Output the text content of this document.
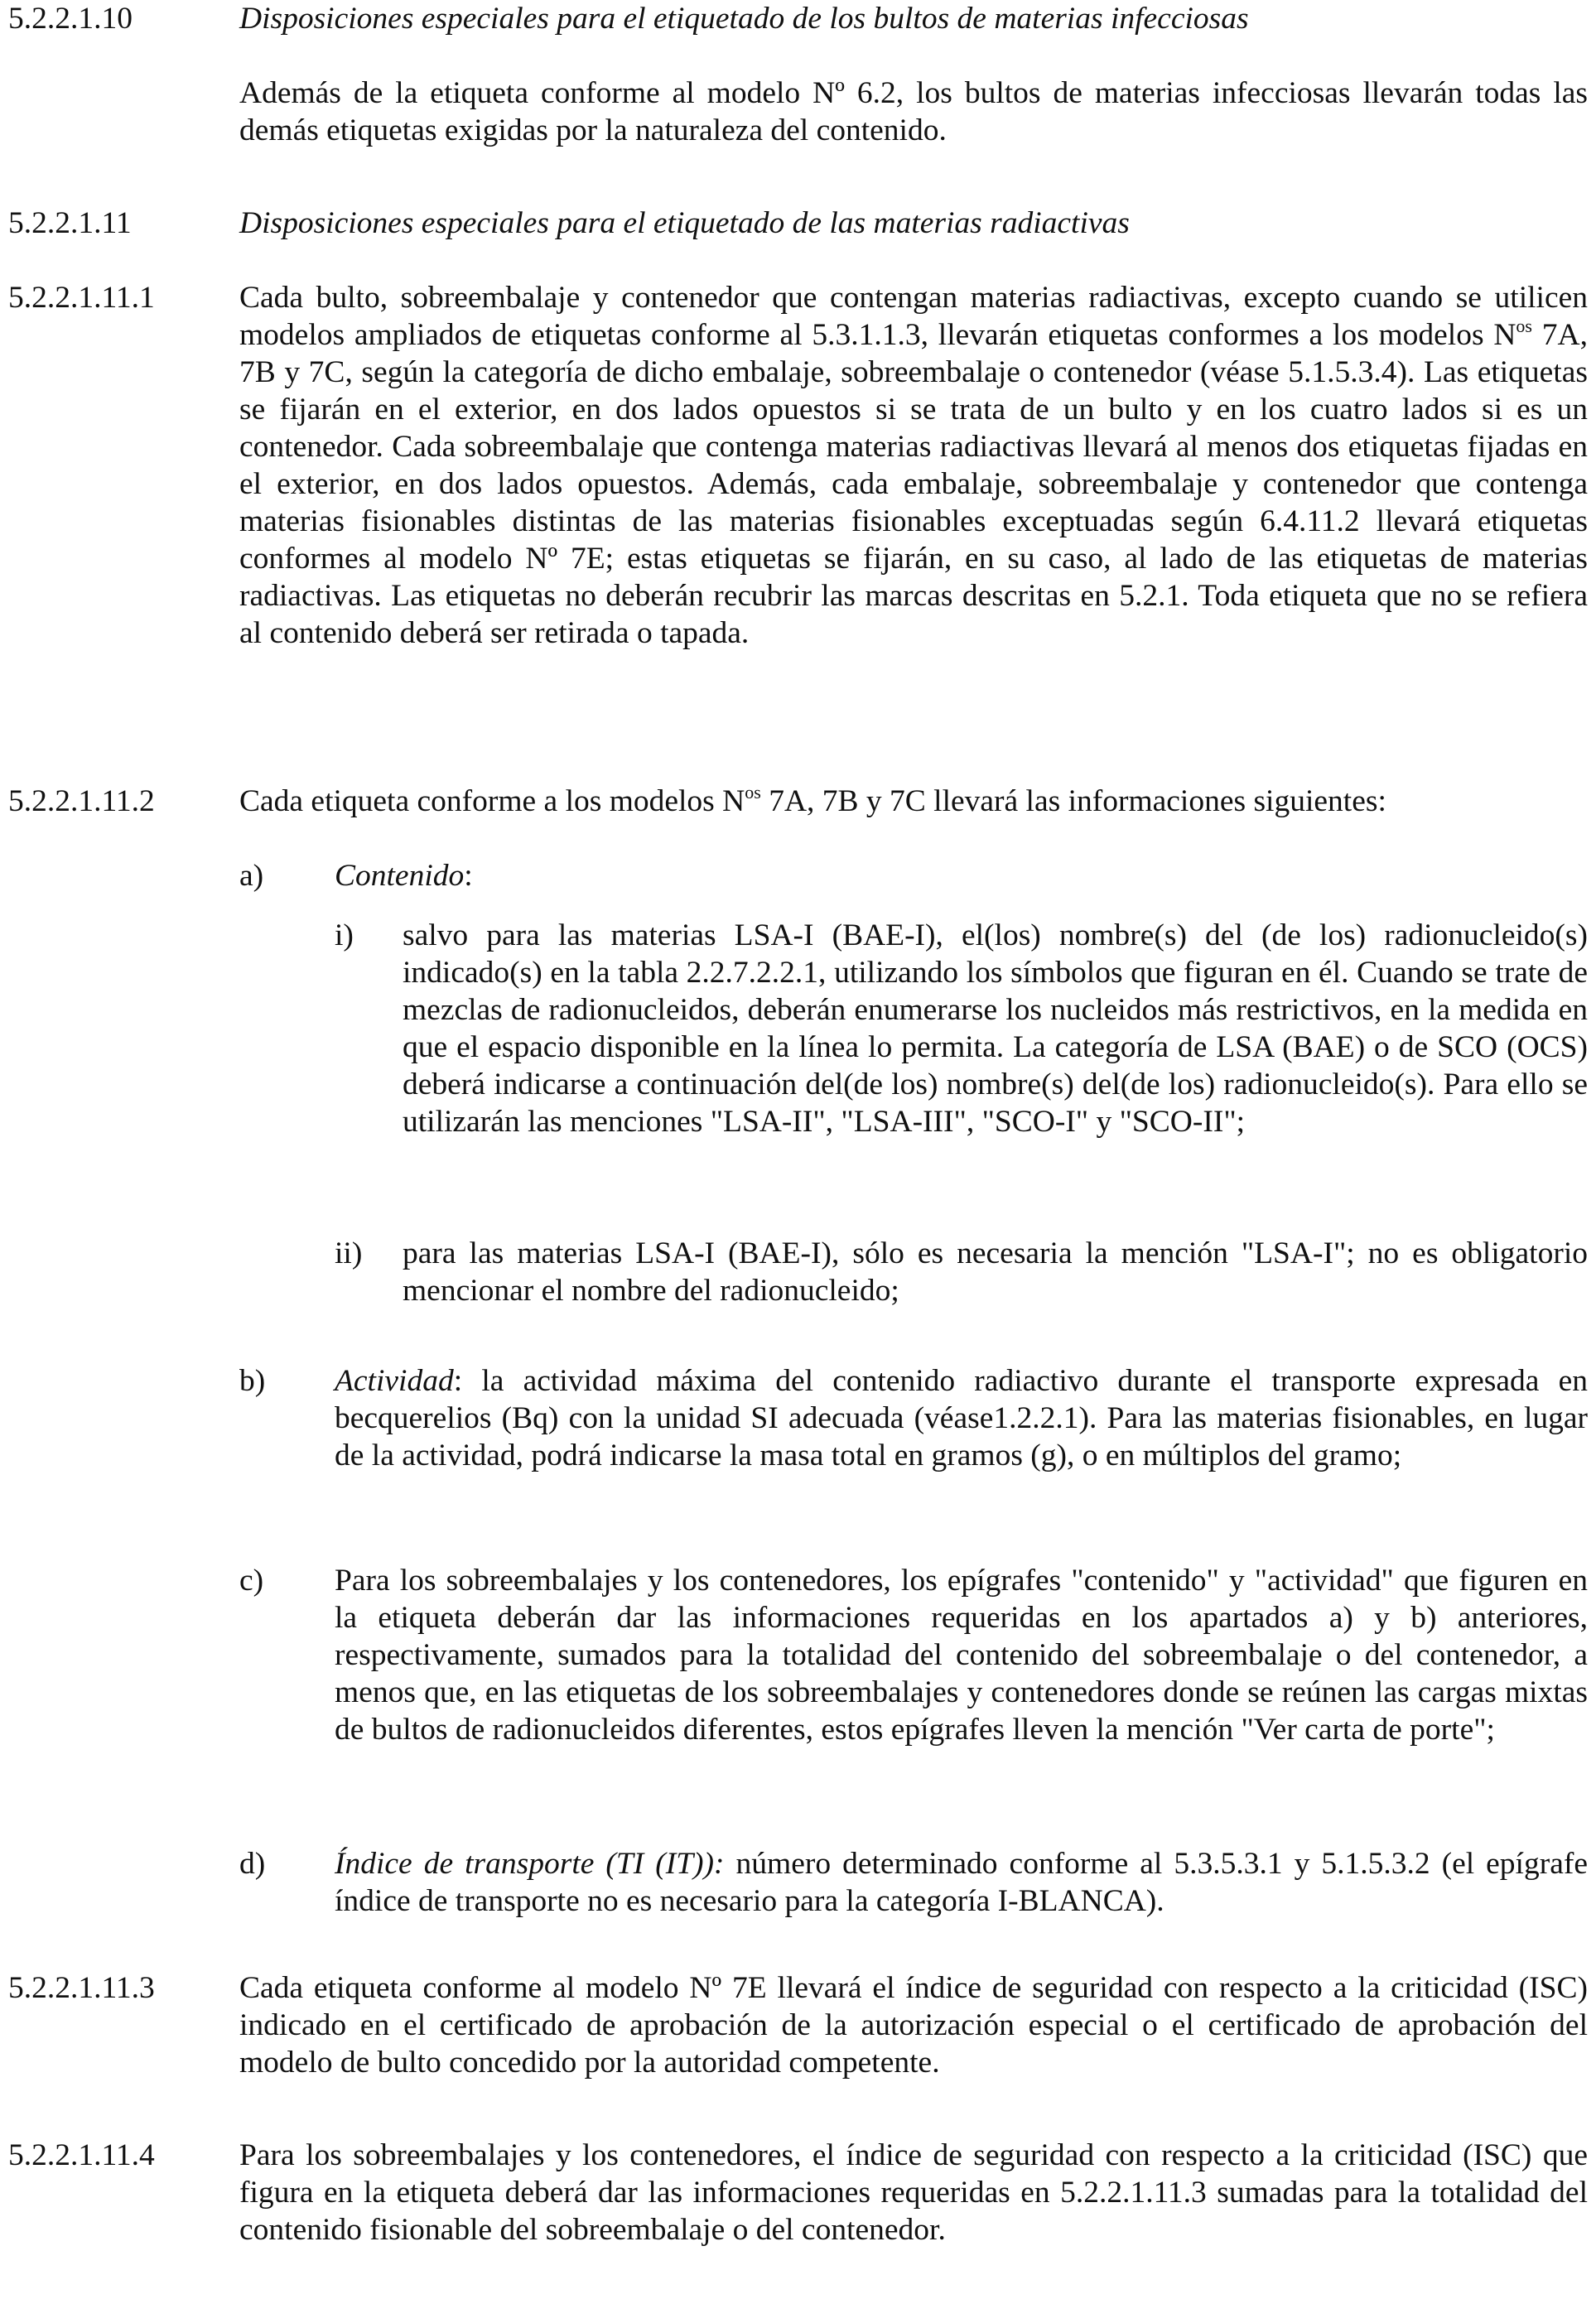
5.2.2.1.10	Disposiciones especiales para el etiquetado de los bultos de materias infecciosas
Además de la etiqueta conforme al modelo Nº 6.2, los bultos de materias infecciosas llevarán todas las demás etiquetas exigidas por la naturaleza del contenido.
5.2.2.1.11	Disposiciones especiales para el etiquetado de las materias radiactivas
5.2.2.1.11.1	Cada bulto, sobreembalaje y contenedor que contengan materias radiactivas, excepto cuando se utilicen modelos ampliados de etiquetas conforme al 5.3.1.1.3, llevarán etiquetas conformes a los modelos $N^{os}$ 7A, 7B y 7C, según la categoría de dicho embalaje, sobreembalaje o contenedor (véase 5.1.5.3.4). Las etiquetas se fijarán en el exterior, en dos lados opuestos si se trata de un bulto y en los cuatro lados si es un contenedor. Cada sobreembalaje que contenga materias radiactivas llevará al menos dos etiquetas fijadas en el exterior, en dos lados opuestos. Además, cada embalaje, sobreembalaje y contenedor que contenga materias fisionables distintas de las materias fisionables exceptuadas según 6.4.11.2 llevará etiquetas conformes al modelo Nº 7E; estas etiquetas se fijarán, en su caso, al lado de las etiquetas de materias radiactivas. Las etiquetas no deberán recubrir las marcas descritas en 5.2.1. Toda etiqueta que no se refiera al contenido deberá ser retirada o tapada.
5.2.2.1.11.2	Cada etiqueta conforme a los modelos $N^{os}$ 7A, 7B y 7C llevará las informaciones siguientes:
a) Contenido:
i) salvo para las materias LSA-I (BAE-I), el(los) nombre(s) del (de los) radionucleido(s) indicado(s) en la tabla 2.2.7.2.2.1, utilizando los símbolos que figuran en él. Cuando se trate de mezclas de radionucleidos, deberán enumerarse los nucleidos más restrictivos, en la medida en que el espacio disponible en la línea lo permita. La categoría de LSA (BAE) o de SCO (OCS) deberá indicarse a continuación del(de los) nombre(s) del(de los) radionucleido(s). Para ello se utilizarán las menciones "LSA-II", "LSA-III", "SCO-I" y "SCO-II";
ii) para las materias LSA-I (BAE-I), sólo es necesaria la mención "LSA-I"; no es obligatorio mencionar el nombre del radionucleido;
b) Actividad: la actividad máxima del contenido radiactivo durante el transporte expresada en becquerelios (Bq) con la unidad SI adecuada (véase1.2.2.1). Para las materias fisionables, en lugar de la actividad, podrá indicarse la masa total en gramos (g), o en múltiplos del gramo;
c) Para los sobreembalajes y los contenedores, los epígrafes "contenido" y "actividad" que figuren en la etiqueta deberán dar las informaciones requeridas en los apartados a) y b) anteriores, respectivamente, sumados para la totalidad del contenido del sobreembalaje o del contenedor, a menos que, en las etiquetas de los sobreembalajes y contenedores donde se reúnen las cargas mixtas de bultos de radionucleidos diferentes, estos epígrafes lleven la mención "Ver carta de porte";
d) Índice de transporte (TI (IT)): número determinado conforme al 5.3.5.3.1 y 5.1.5.3.2 (el epígrafe índice de transporte no es necesario para la categoría I-BLANCA).
5.2.2.1.11.3	Cada etiqueta conforme al modelo Nº 7E llevará el índice de seguridad con respecto a la criticidad (ISC) indicado en el certificado de aprobación de la autorización especial o el certificado de aprobación del modelo de bulto concedido por la autoridad competente.
5.2.2.1.11.4	Para los sobreembalajes y los contenedores, el índice de seguridad con respecto a la criticidad (ISC) que figura en la etiqueta deberá dar las informaciones requeridas en 5.2.2.1.11.3 sumadas para la totalidad del contenido fisionable del sobreembalaje o del contenedor.
